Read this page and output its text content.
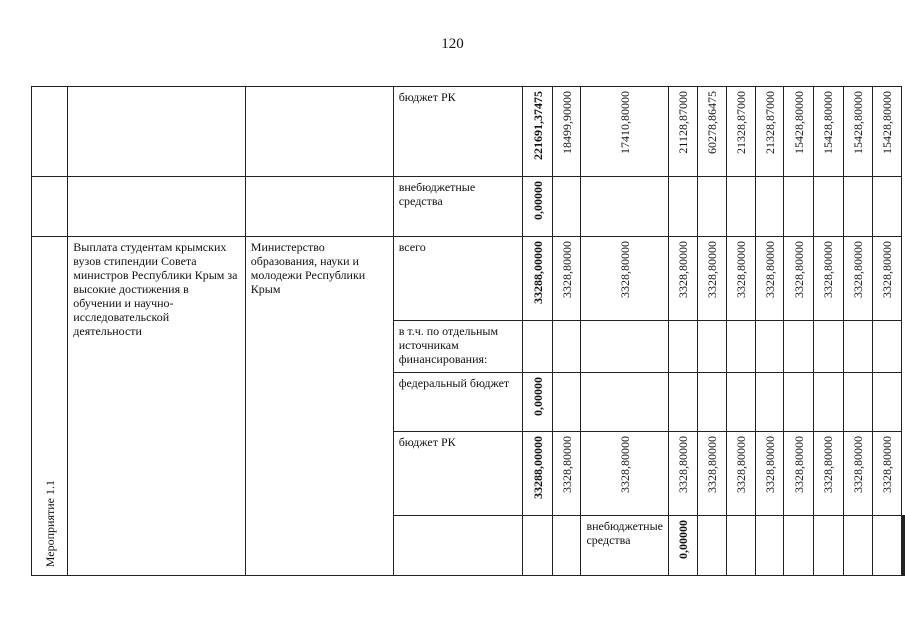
120

			бюджет РК	221691,37475	18499,90000	17410,80000	21128,87000	60278,86475	21328,87000	21328,87000	15428,80000	15428,80000	15428,80000	15428,80000		

			внебюджетные средства	0,00000												

Мероприятие 1.1	Выплата студентам крымских вузов стипендии Совета министров Республики Крым за высокие достижения в обучении и научно-исследовательской деятельности	Министерство образования, науки и молодежи Республики Крым	всего	33288,00000	3328,80000	3328,80000	3328,80000	3328,80000	3328,80000	3328,80000	3328,80000	3328,80000	3328,80000	3328,80000		

			в т.ч. по отдельным источникам финансирования:													

			федеральный бюджет	0,00000												

			бюджет РК	33288,00000	3328,80000	3328,80000	3328,80000	3328,80000	3328,80000	3328,80000	3328,80000	3328,80000	3328,80000	3328,80000		

						внебюджетные средства	0,00000									
